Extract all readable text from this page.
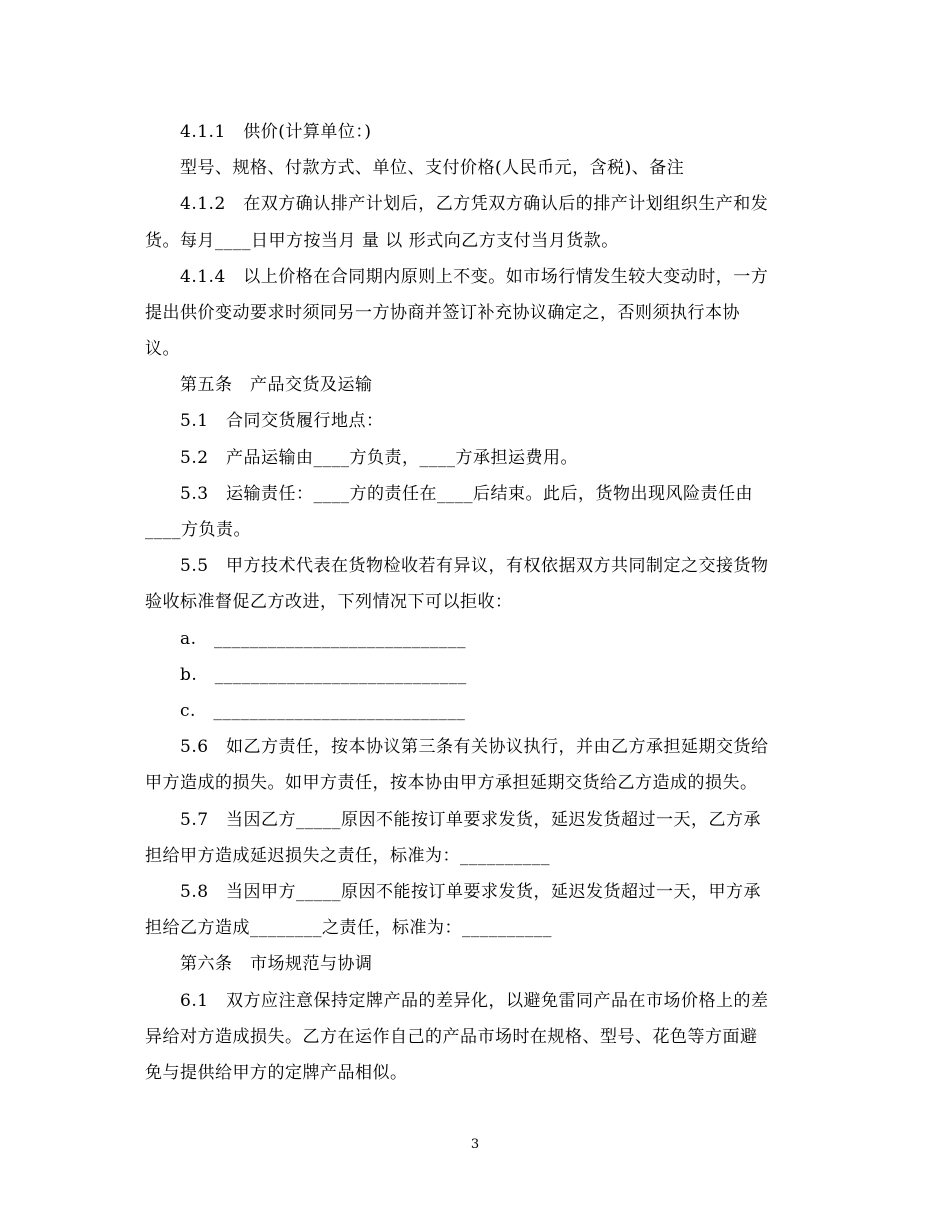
4.1.1　供价(计算单位：)
型号、规格、付款方式、单位、支付价格(人民币元，含税)、备注
4.1.2　在双方确认排产计划后，乙方凭双方确认后的排产计划组织生产和发
货。每月____日甲方按当月 量 以 形式向乙方支付当月货款。
4.1.4　以上价格在合同期内原则上不变。如市场行情发生较大变动时，一方
提出供价变动要求时须同另一方协商并签订补充协议确定之，否则须执行本协
议。
第五条　产品交货及运输
5.1　合同交货履行地点：
5.2　产品运输由____方负责，____方承担运费用。
5.3　运输责任：____方的责任在____后结束。此后，货物出现风险责任由
____方负责。
5.5　甲方技术代表在货物检收若有异议，有权依据双方共同制定之交接货物
验收标准督促乙方改进，下列情况下可以拒收：
a.　____________________________
b.　____________________________
c.　____________________________
5.6　如乙方责任，按本协议第三条有关协议执行，并由乙方承担延期交货给
甲方造成的损失。如甲方责任，按本协由甲方承担延期交货给乙方造成的损失。
5.7　当因乙方_____原因不能按订单要求发货，延迟发货超过一天，乙方承
担给甲方造成延迟损失之责任，标准为：__________
5.8　当因甲方_____原因不能按订单要求发货，延迟发货超过一天，甲方承
担给乙方造成________之责任，标准为：__________
第六条　市场规范与协调
6.1　双方应注意保持定牌产品的差异化，以避免雷同产品在市场价格上的差
异给对方造成损失。乙方在运作自己的产品市场时在规格、型号、花色等方面避
免与提供给甲方的定牌产品相似。
3
